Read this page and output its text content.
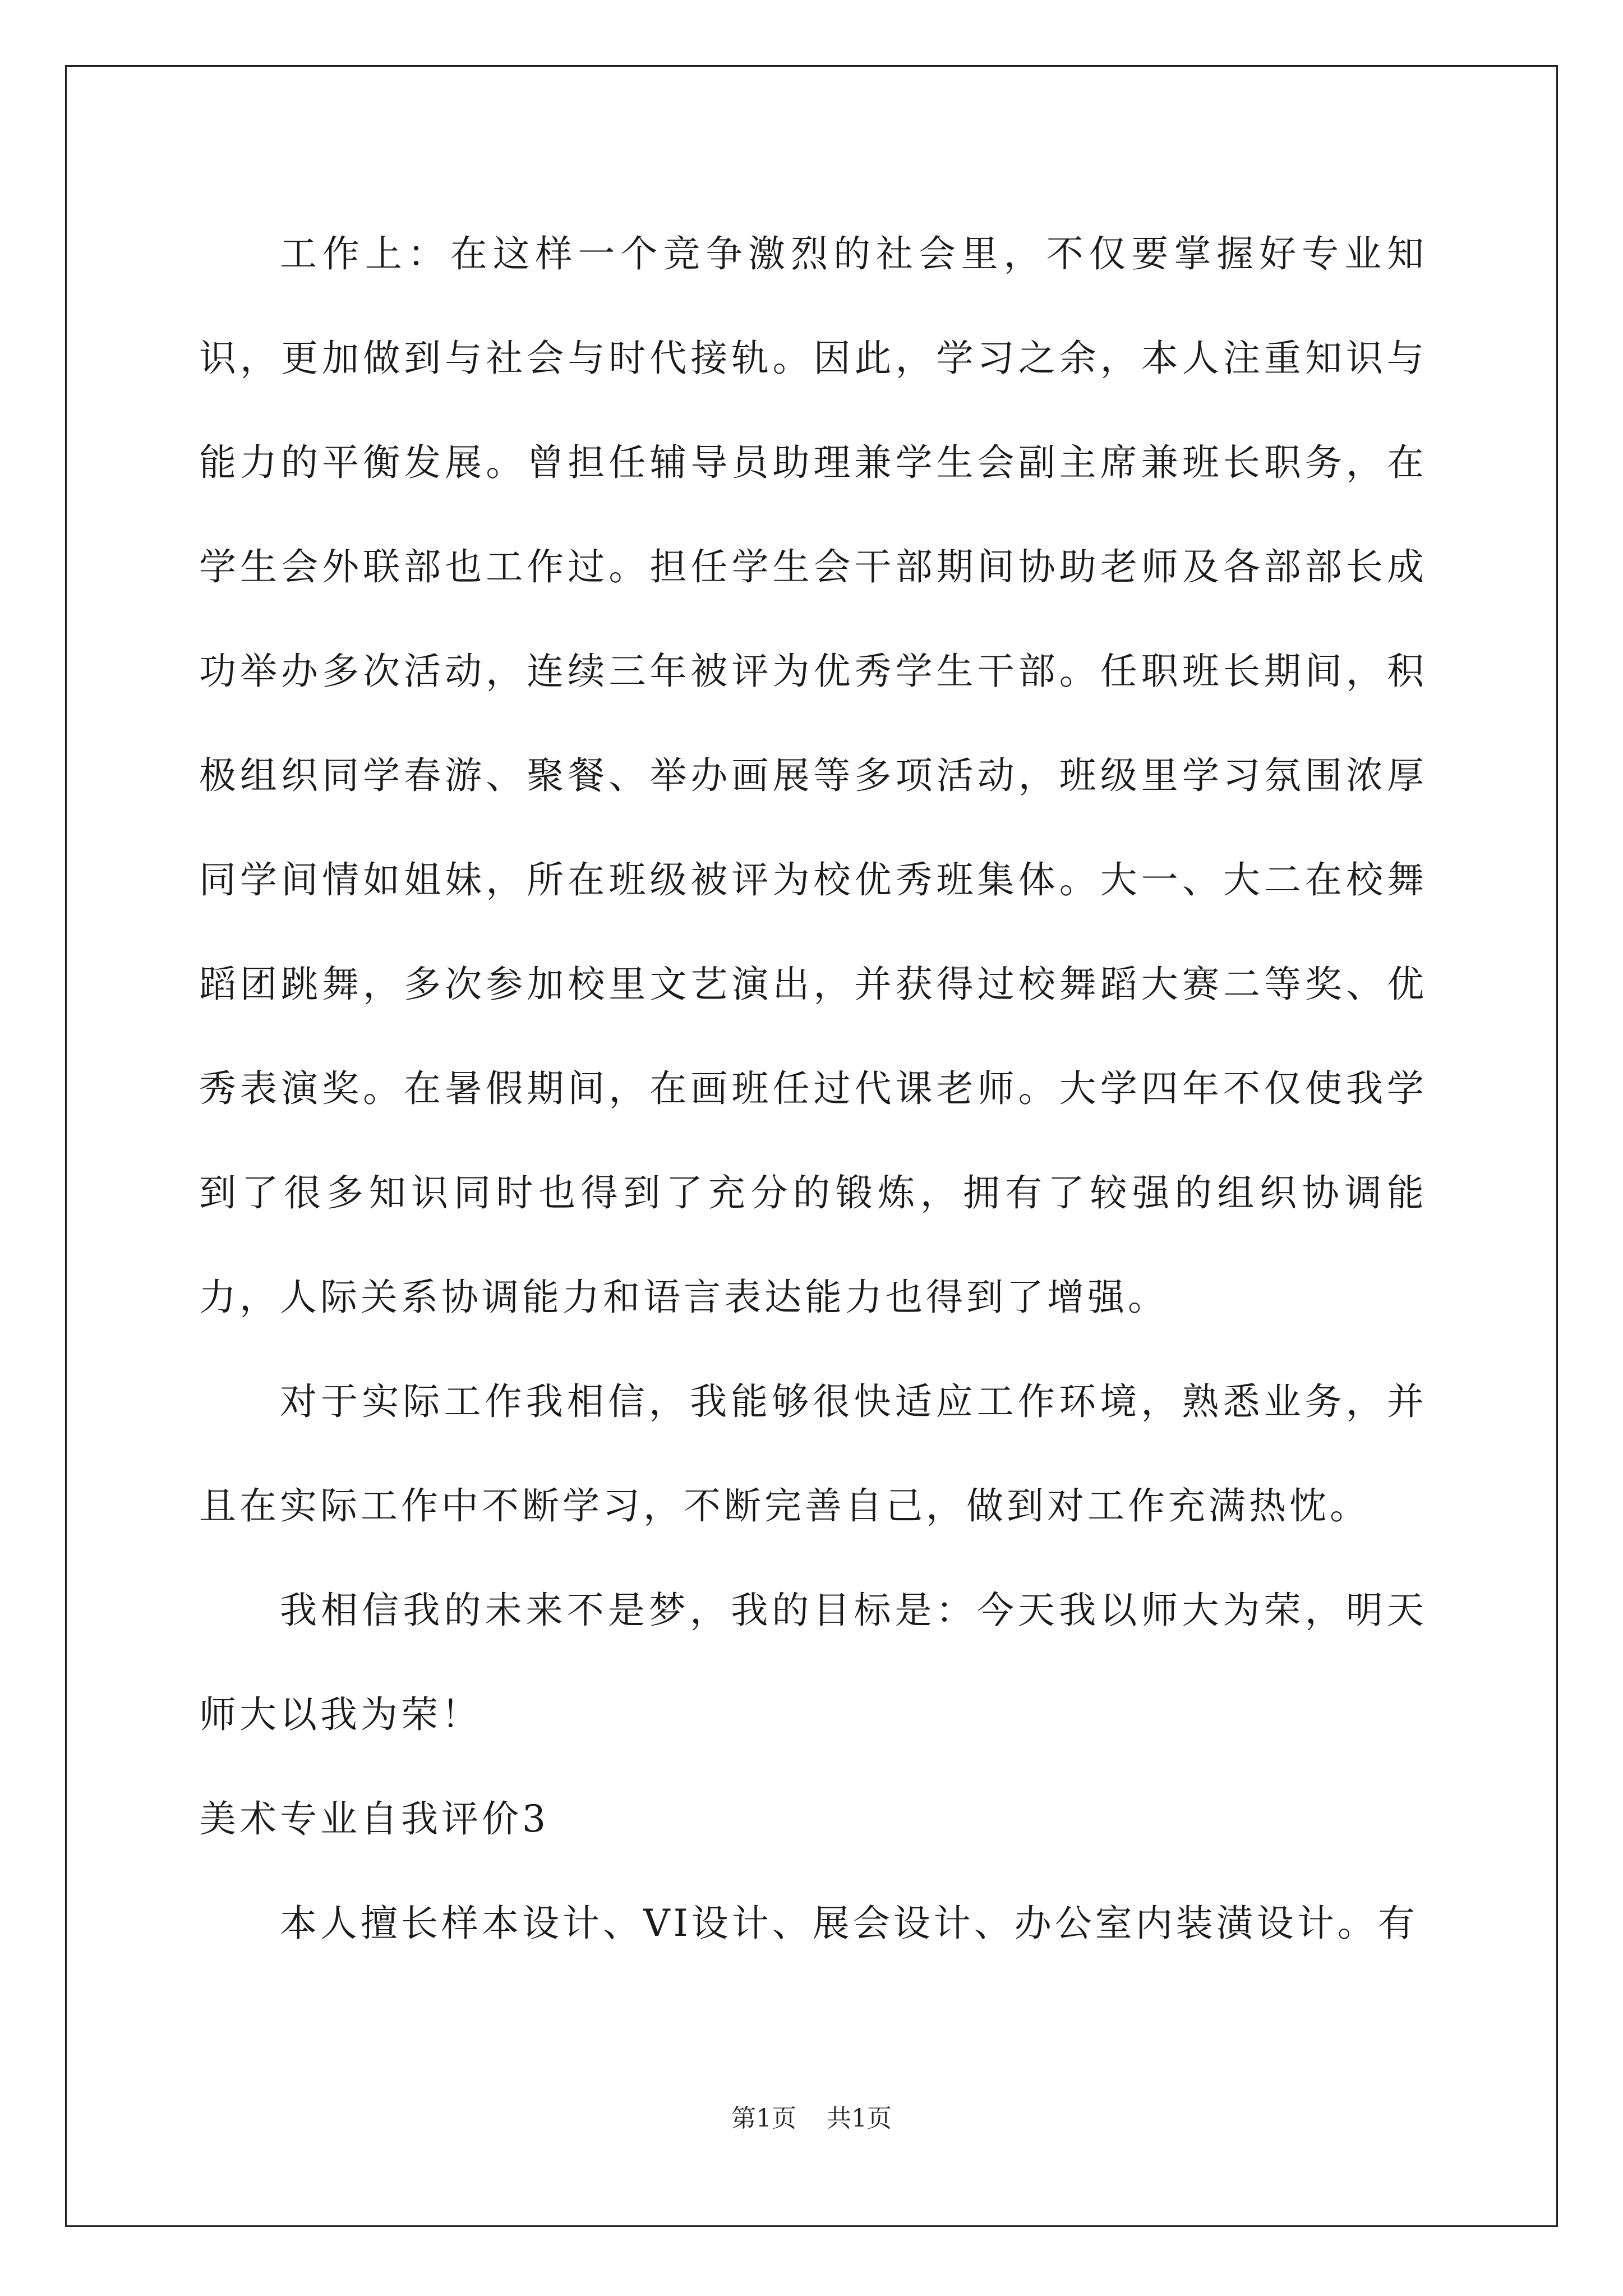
工作上：在这样一个竞争激烈的社会里，不仅要掌握好专业知识，更加做到与社会与时代接轨。因此，学习之余，本人注重知识与能力的平衡发展。曾担任辅导员助理兼学生会副主席兼班长职务，在学生会外联部也工作过。担任学生会干部期间协助老师及各部部长成功举办多次活动，连续三年被评为优秀学生干部。任职班长期间，积极组织同学春游、聚餐、举办画展等多项活动，班级里学习氛围浓厚同学间情如姐妹，所在班级被评为校优秀班集体。大一、大二在校舞蹈团跳舞，多次参加校里文艺演出，并获得过校舞蹈大赛二等奖、优秀表演奖。在暑假期间，在画班任过代课老师。大学四年不仅使我学到了很多知识同时也得到了充分的锻炼，拥有了较强的组织协调能力，人际关系协调能力和语言表达能力也得到了增强。

对于实际工作我相信，我能够很快适应工作环境，熟悉业务，并且在实际工作中不断学习，不断完善自己，做到对工作充满热忱。

我相信我的未来不是梦，我的目标是：今天我以师大为荣，明天师大以我为荣！

美术专业自我评价3

本人擅长样本设计、VI设计、展会设计、办公室内装潢设计。有

第1页 共1页
